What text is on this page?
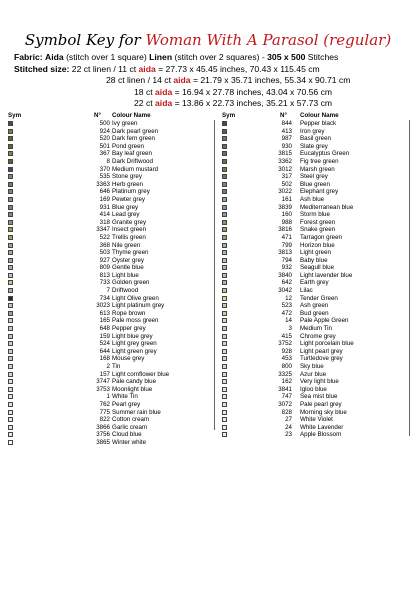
Symbol Key for Woman With A Parasol (regular)
Fabric: Aida (stitch over 1 square) Linen (stitch over 2 squares) - 305 x 500 Stitches
Stitched size: 22 ct linen / 11 ct aida = 27.73 x 45.45 inches, 70.43 x 115.45 cm
28 ct linen / 14 ct aida = 21.79 x 35.71 inches, 55.34 x 90.71 cm
18 ct aida = 16.94 x 27.78 inches, 43.04 x 70.56 cm
22 ct aida = 13.86 x 22.73 inches, 35.21 x 57.73 cm
Sym	N° Colour Name
500 Ivy green
924 Dark pearl green
520 Dark fern green
501 Pond green
367 Bay leaf green
8 Dark Driftwood
370 Medium mustard
535 Stone grey
3363 Herb green
646 Platinum grey
169 Pewter grey
931 Blue grey
414 Lead grey
318 Granite grey
3347 Insect green
522 Trellis green
368 Nile green
503 Thyme green
927 Oyster grey
809 Gentle blue
813 Light blue
733 Golden green
7 Driftwood
734 Light Olive green
3023 Light platinum grey
613 Rope brown
165 Pale moss green
648 Pepper grey
159 Light blue grey
524 Light grey green
644 Light green grey
168 Mouse grey
2 Tin
157 Light cornflower blue
3747 Pale candy blue
3753 Moonlight blue
1 White Tin
762 Pearl grey
775 Summer rain blue
822 Cotton cream
3866 Garlic cream
3756 Cloud blue
3865 Winter white
Sym	N° Colour Name
844 Pepper black
413 Iron grey
987 Basil green
930 Slate grey
3815 Eucalyptus Green
3362 Fig tree green
3012 Marsh green
317 Steel grey
502 Blue green
3022 Elephant grey
161 Ash blue
3839 Mediterranean blue
160 Storm blue
988 Forest green
3816 Snake green
471 Tarragon green
799 Horizon blue
3813 Light green
794 Baby blue
932 Seagull blue
3840 Light lavender blue
642 Earth grey
3042 Lilac
12 Tender Green
523 Ash green
472 Bud green
14 Pale Apple Green
3 Medium Tin
415 Chrome grey
3752 Light porcelain blue
928 Light pearl grey
453 Turtledove grey
800 Sky blue
3325 Azur blue
162 Very light blue
3841 Igloo blue
747 Sea mist blue
3072 Pale pearl grey
828 Morning sky blue
27 White Violet
24 White Lavender
23 Apple Blossom
